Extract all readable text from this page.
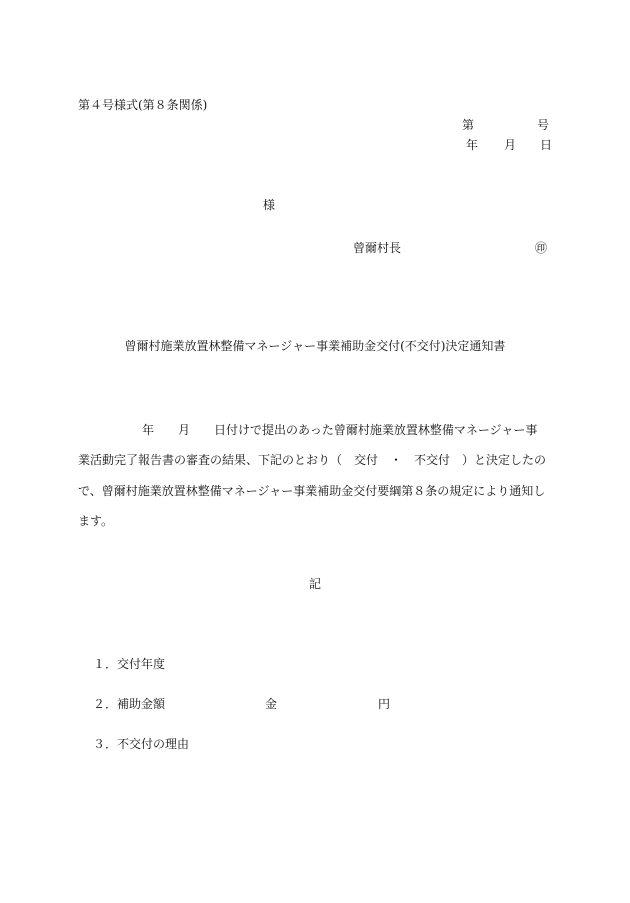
第４号様式(第８条関係)
第	号
年 月 日
様
曾爾村長	㊞
曾爾村施業放置林整備マネージャー事業補助金交付(不交付)決定通知書
年　　月　　日付けで提出のあった曾爾村施業放置林整備マネージャー事
業活動完了報告書の審査の結果、下記のとおり（　交付　・　不交付　）と決定したの
で、曾爾村施業放置林整備マネージャー事業補助金交付要綱第８条の規定により通知し
ます。
記
１．交付年度
２．補助金額	金	円
３．不交付の理由
